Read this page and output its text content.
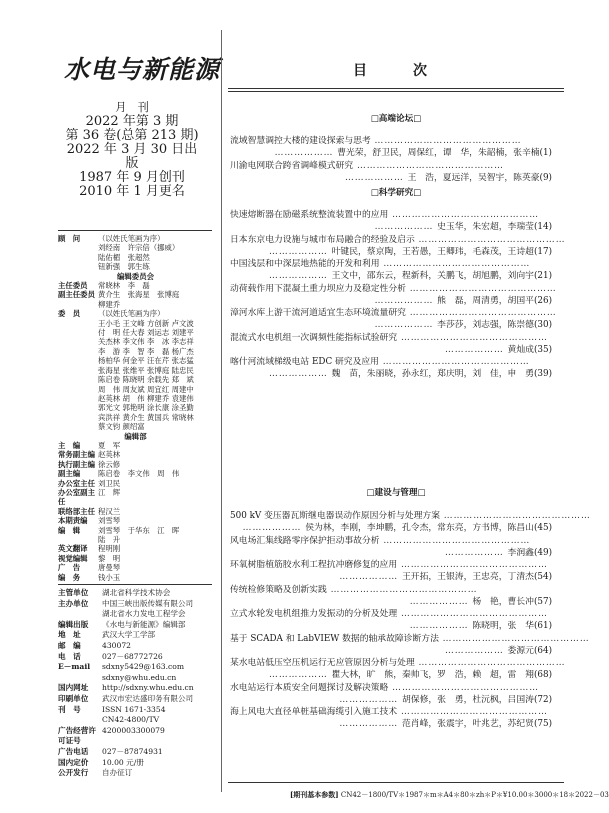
水电与新能源
月　刊
2022 年第 3 期
第 36 卷(总第 213 期)
2022 年 3 月 30 日出版
1987 年 9 月创刊
2010 年 1 月更名
顾　问	（以姓氏笔画为序）
刘经南　许宗倍（挪威）
陆佑楣　张超然
钮新强　郭生练
编辑委员会
主任委员	常晓林　李　磊
副主任委员 黄介生　张海星　张博庭
柳建乔
委　员	（以姓氏笔画为序）
王小毛 王文峰 方创新 卢文波
付　明 任大春 刘运志 刘建平
关杰林 李文伟 李　冰 李志祥
李　游 李　智 李　磊 杨广杰
杨柏华 何金平 汪在芹 张志猛
张海星 张维平 张博庭 陆忠民
陈启卷 陈晓明 余载先 郑　斌
周　伟 周友斌 周宜红 周建中
赵英林 胡　伟 柳建乔 袁建伟
郭光文 郭艳明 涂长康 涂圣勤
宾洪祥 黄介生 黄国兵 常晓林
蔡文钧 颜绍富
编辑部
主　编	夏　军
常务副主编 赵英林
执行副主编 徐云修
副主编	陈启卷　李文伟　周　伟
办公室主任 刘卫民
办公室副主任
江　辉
联络部主任 程汉兰
本期责编	刘雪琴
编　辑	刘雪琴　于华东　江　晖
陆　升
英文翻译	程明刚
视觉编辑	黎　明
广　告	唐曼琴
编　务	钱小玉
主管单位	湖北省科学技术协会
主办单位	中国三峡出版传媒有限公司
湖北省水力发电工程学会
编辑出版	《水电与新能源》编辑部
地　址	武汉大学工学部
邮　编	430072
电　话	027－68772726
E－mail	sdxny5429@163.com
sdxny@whu.edu.cn
国内网址	http://sdxny.whu.edu.cn
印刷单位	武汉市宏达盛印务有限公司
刊　号	ISSN 1671-3354
CN42-4800/TV
广告经营许可证号
4200003300079
广告电话	027－87874931
国内定价	10.00 元/册
公开发行	自办征订
目　次
□高端论坛□
流域智慧调控大楼的建设探索与思考 ………………………………………
……………… 曹光荣，舒卫民，周保红，谭　华，朱韶楠，张辛楠(1)
川渝电网联合跨省调峰模式研究 ………………………………………
……………… 王　浩，夏远洋，吴智宇，陈英豪(9)
□科学研究□
快速熔断器在励磁系统整流装置中的应用 ………………………………………
……………… 史玉华，朱宏超，李瑞莹(14)
日本东京电力设施与城市布局融合的经验及启示 ………………………………………
……………… 叶键民，蔡京陶，王若愚，王卿玮，毛森茂，王诗超(17)
中国浅层和中深层地热能的开发和利用 ………………………………………
……………… 王文中，邵东云，程新科，关鹏飞，胡旭鹏，刘向宇(21)
动荷载作用下混凝土重力坝应力及稳定性分析 ………………………………………
……………… 熊　磊，周清勇，胡国平(26)
漳河水库上游干流河道适宜生态环境流量研究 ………………………………………
……………… 李莎莎，刘志强，陈崇德(30)
混流式水电机组一次调频性能指标试验研究 ………………………………………
……………… 黄灿成(35)
喀什河流域梯级电站 EDC 研究及应用 ………………………………………
……………… 魏　苗，朱丽晓，孙永红，郑庆明，刘　佳，申　勇(39)
□建设与管理□
500 kV 变压器瓦斯继电器误动作原因分析与处理方案 ………………………………………
……………… 侯为林，李刚，李坤鹏，孔令杰，常东亮，方书博，陈昌山(45)
风电场汇集线路零序保护拒动事故分析 ………………………………………
……………… 李润鑫(49)
环氧树脂植筋胶水利工程抗冲磨修复的应用 ………………………………………
……………… 王开拓，王银涛，王忠亮，丁清杰(54)
传统检修策略及创新实践 ………………………………………
……………… 杨　艳，曹长冲(57)
立式水轮发电机组推力发振动的分析及处理 ………………………………………
……………… 陈晓明，张　华(61)
基于 SCADA 和 LabVIEW 数据的轴承故障诊断方法 ………………………………………
……………… 娄源元(64)
某水电站低压空压机运行无应管原因分析与处理 ………………………………………
……………… 瞿大林，旷　熊，秦帅飞，罗　浩，赖　超，雷　翔(68)
水电站运行本质安全问题探讨及解决策略 ………………………………………
……………… 胡保修，张　勇，杜沅枫，吕国涛(72)
海上风电大直径单桩基础海缆引入施工技术 ………………………………………
……………… 范肖峰，张震宇，叶兆艺，苏纪贤(75)
[期刊基本参数] CN42－1800/TV＊1987＊m＊A4＊80＊zh＊P＊¥10.00＊3000＊18＊2022－03
